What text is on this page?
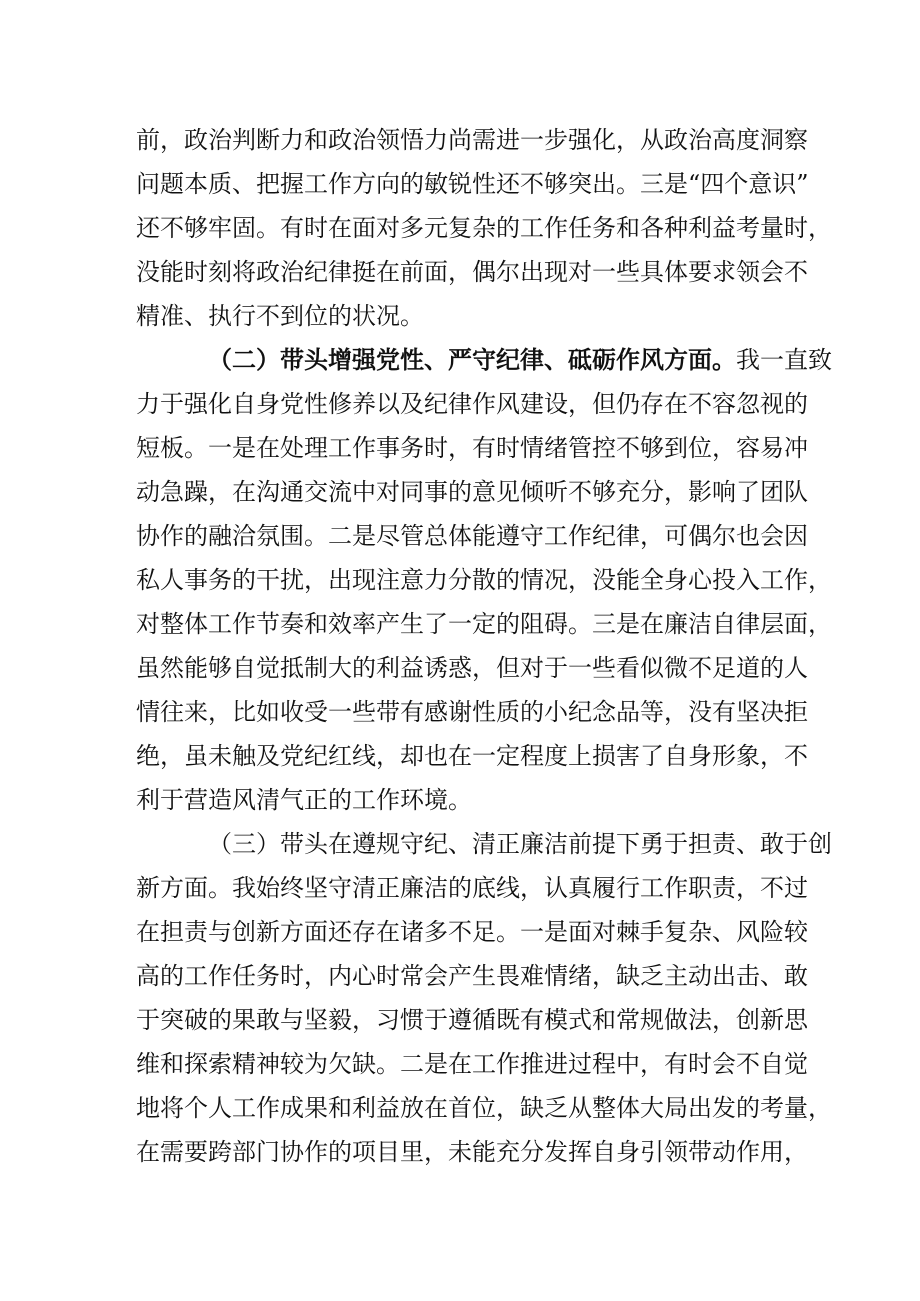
前，政治判断力和政治领悟力尚需进一步强化，从政治高度洞察
问题本质、把握工作方向的敏锐性还不够突出。三是“四个意识”
还不够牢固。有时在面对多元复杂的工作任务和各种利益考量时，
没能时刻将政治纪律挺在前面，偶尔出现对一些具体要求领会不
精准、执行不到位的状况。
（二）带头增强党性、严守纪律、砥砺作风方面。我一直致
力于强化自身党性修养以及纪律作风建设，但仍存在不容忽视的
短板。一是在处理工作事务时，有时情绪管控不够到位，容易冲
动急躁，在沟通交流中对同事的意见倾听不够充分，影响了团队
协作的融洽氛围。二是尽管总体能遵守工作纪律，可偶尔也会因
私人事务的干扰，出现注意力分散的情况，没能全身心投入工作，
对整体工作节奏和效率产生了一定的阻碍。三是在廉洁自律层面，
虽然能够自觉抵制大的利益诱惑，但对于一些看似微不足道的人
情往来，比如收受一些带有感谢性质的小纪念品等，没有坚决拒
绝，虽未触及党纪红线，却也在一定程度上损害了自身形象，不
利于营造风清气正的工作环境。
（三）带头在遵规守纪、清正廉洁前提下勇于担责、敢于创
新方面。我始终坚守清正廉洁的底线，认真履行工作职责，不过
在担责与创新方面还存在诸多不足。一是面对棘手复杂、风险较
高的工作任务时，内心时常会产生畏难情绪，缺乏主动出击、敢
于突破的果敢与坚毅，习惯于遵循既有模式和常规做法，创新思
维和探索精神较为欠缺。二是在工作推进过程中，有时会不自觉
地将个人工作成果和利益放在首位，缺乏从整体大局出发的考量，
在需要跨部门协作的项目里，未能充分发挥自身引领带动作用，
